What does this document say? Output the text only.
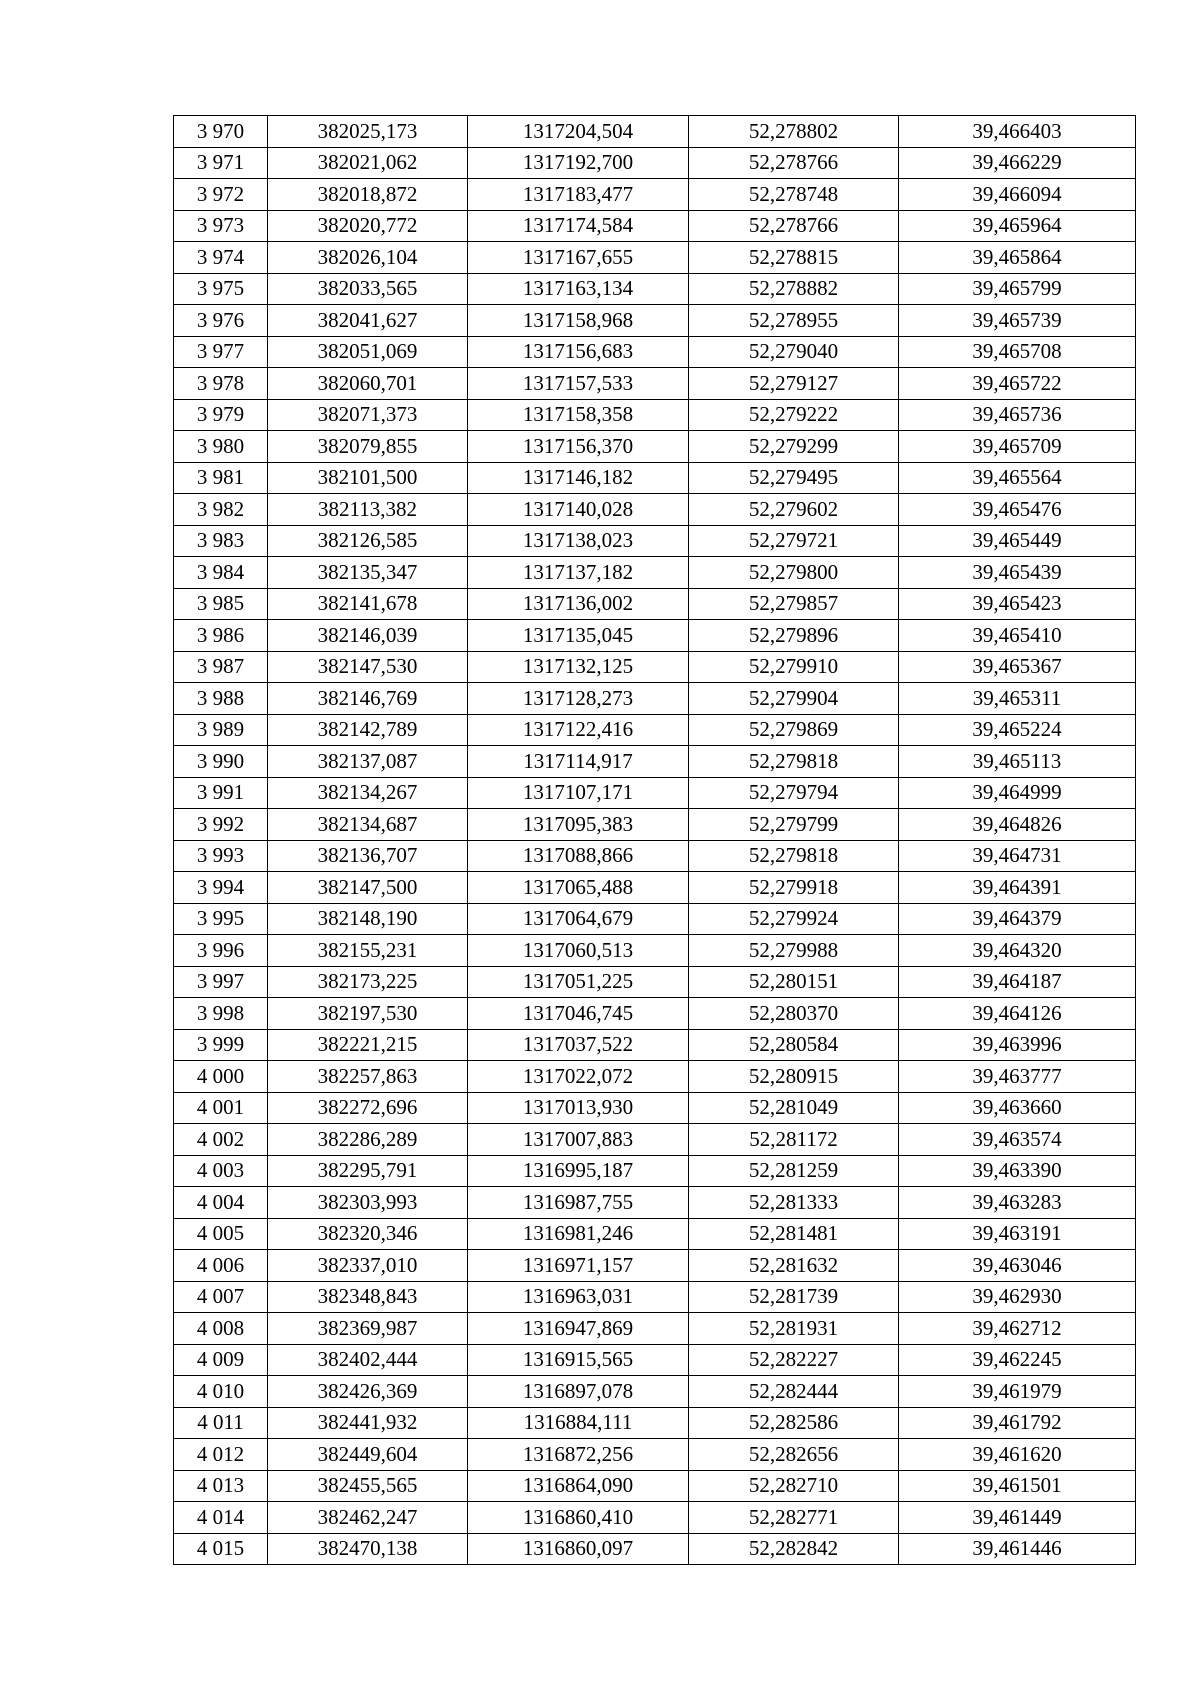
3 970	382025,173	1317204,504	52,278802	39,466403
3 971	382021,062	1317192,700	52,278766	39,466229
3 972	382018,872	1317183,477	52,278748	39,466094
3 973	382020,772	1317174,584	52,278766	39,465964
3 974	382026,104	1317167,655	52,278815	39,465864
3 975	382033,565	1317163,134	52,278882	39,465799
3 976	382041,627	1317158,968	52,278955	39,465739
3 977	382051,069	1317156,683	52,279040	39,465708
3 978	382060,701	1317157,533	52,279127	39,465722
3 979	382071,373	1317158,358	52,279222	39,465736
3 980	382079,855	1317156,370	52,279299	39,465709
3 981	382101,500	1317146,182	52,279495	39,465564
3 982	382113,382	1317140,028	52,279602	39,465476
3 983	382126,585	1317138,023	52,279721	39,465449
3 984	382135,347	1317137,182	52,279800	39,465439
3 985	382141,678	1317136,002	52,279857	39,465423
3 986	382146,039	1317135,045	52,279896	39,465410
3 987	382147,530	1317132,125	52,279910	39,465367
3 988	382146,769	1317128,273	52,279904	39,465311
3 989	382142,789	1317122,416	52,279869	39,465224
3 990	382137,087	1317114,917	52,279818	39,465113
3 991	382134,267	1317107,171	52,279794	39,464999
3 992	382134,687	1317095,383	52,279799	39,464826
3 993	382136,707	1317088,866	52,279818	39,464731
3 994	382147,500	1317065,488	52,279918	39,464391
3 995	382148,190	1317064,679	52,279924	39,464379
3 996	382155,231	1317060,513	52,279988	39,464320
3 997	382173,225	1317051,225	52,280151	39,464187
3 998	382197,530	1317046,745	52,280370	39,464126
3 999	382221,215	1317037,522	52,280584	39,463996
4 000	382257,863	1317022,072	52,280915	39,463777
4 001	382272,696	1317013,930	52,281049	39,463660
4 002	382286,289	1317007,883	52,281172	39,463574
4 003	382295,791	1316995,187	52,281259	39,463390
4 004	382303,993	1316987,755	52,281333	39,463283
4 005	382320,346	1316981,246	52,281481	39,463191
4 006	382337,010	1316971,157	52,281632	39,463046
4 007	382348,843	1316963,031	52,281739	39,462930
4 008	382369,987	1316947,869	52,281931	39,462712
4 009	382402,444	1316915,565	52,282227	39,462245
4 010	382426,369	1316897,078	52,282444	39,461979
4 011	382441,932	1316884,111	52,282586	39,461792
4 012	382449,604	1316872,256	52,282656	39,461620
4 013	382455,565	1316864,090	52,282710	39,461501
4 014	382462,247	1316860,410	52,282771	39,461449
4 015	382470,138	1316860,097	52,282842	39,461446
